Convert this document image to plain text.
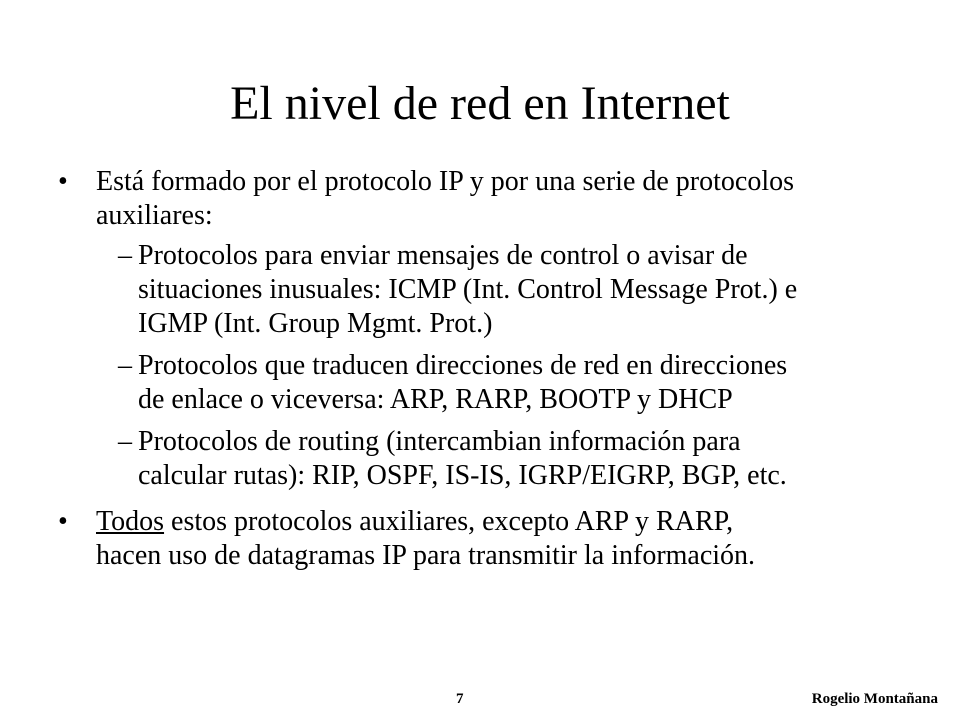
El nivel de red en Internet
• Está formado por el protocolo IP y por una serie de protocolos
auxiliares:
– Protocolos para enviar mensajes de control o avisar de
situaciones inusuales: ICMP (Int. Control Message Prot.) e
IGMP (Int. Group Mgmt. Prot.)
– Protocolos que traducen direcciones de red en direcciones
de enlace o viceversa: ARP, RARP, BOOTP y DHCP
– Protocolos de routing (intercambian información para
calcular rutas): RIP, OSPF, IS-IS, IGRP/EIGRP, BGP, etc.
• Todos estos protocolos auxiliares, excepto ARP y RARP,
hacen uso de datagramas IP para transmitir la información.
7	Rogelio Montañana
